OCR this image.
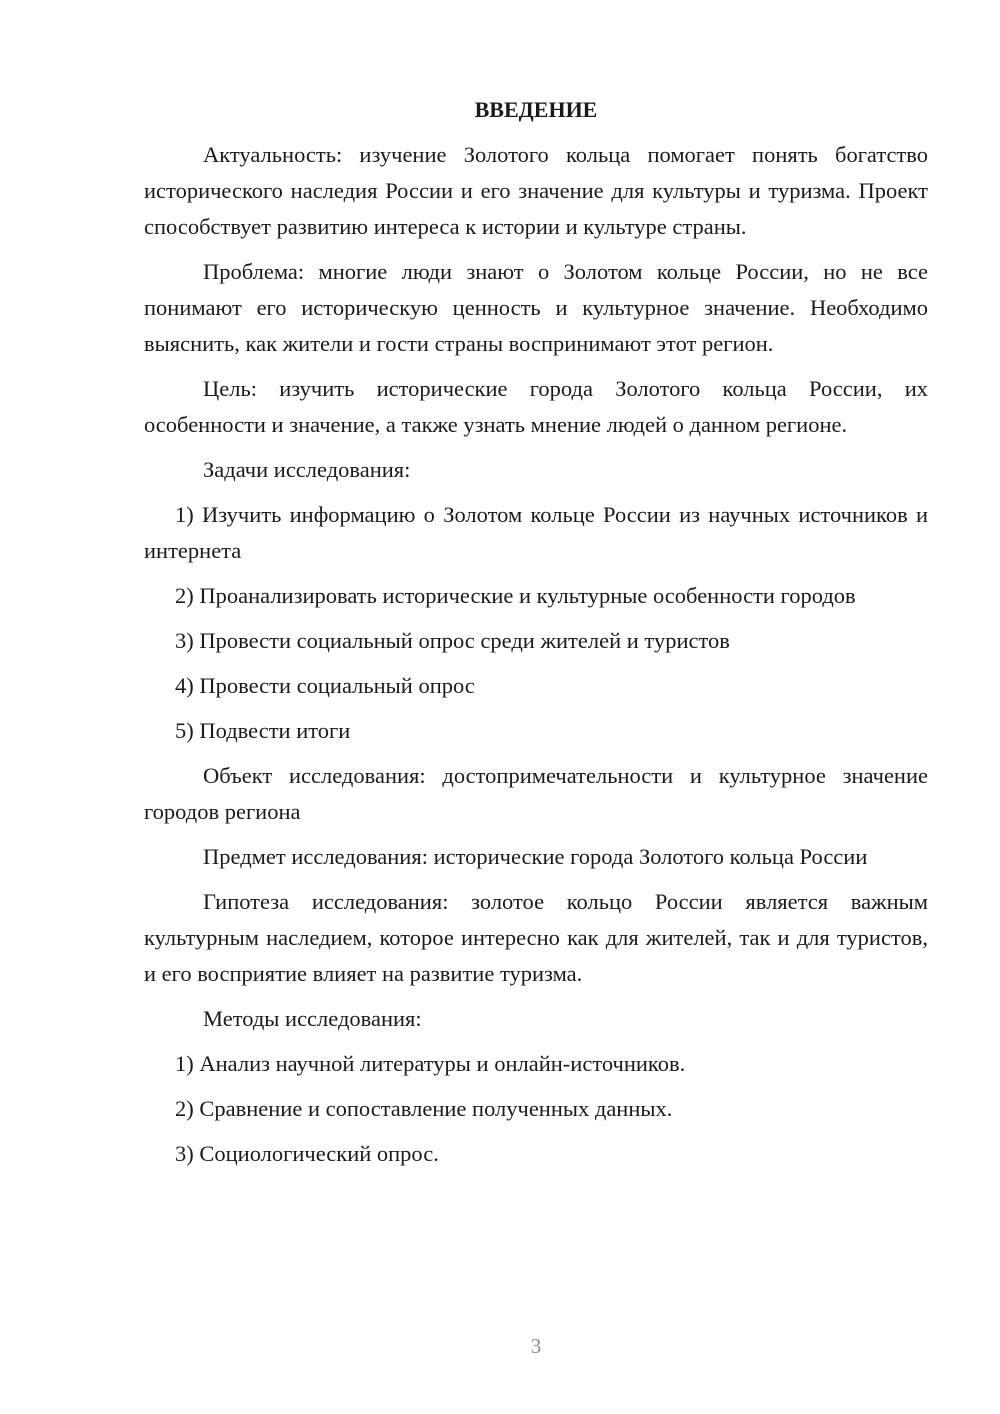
ВВЕДЕНИЕ

Актуальность: изучение Золотого кольца помогает понять богатство исторического наследия России и его значение для культуры и туризма. Проект способствует развитию интереса к истории и культуре страны.

Проблема: многие люди знают о Золотом кольце России, но не все понимают его историческую ценность и культурное значение. Необходимо выяснить, как жители и гости страны воспринимают этот регион.

Цель: изучить исторические города Золотого кольца России, их особенности и значение, а также узнать мнение людей о данном регионе.

Задачи исследования:

1) Изучить информацию о Золотом кольце России из научных источников и интернета

2) Проанализировать исторические и культурные особенности городов

3) Провести социальный опрос среди жителей и туристов

4) Провести социальный опрос

5) Подвести итоги

Объект исследования: достопримечательности и культурное значение городов региона

Предмет исследования: исторические города Золотого кольца России

Гипотеза исследования: золотое кольцо России является важным культурным наследием, которое интересно как для жителей, так и для туристов, и его восприятие влияет на развитие туризма.

Методы исследования:

1) Анализ научной литературы и онлайн-источников.

2) Сравнение и сопоставление полученных данных.

3) Социологический опрос.

3
